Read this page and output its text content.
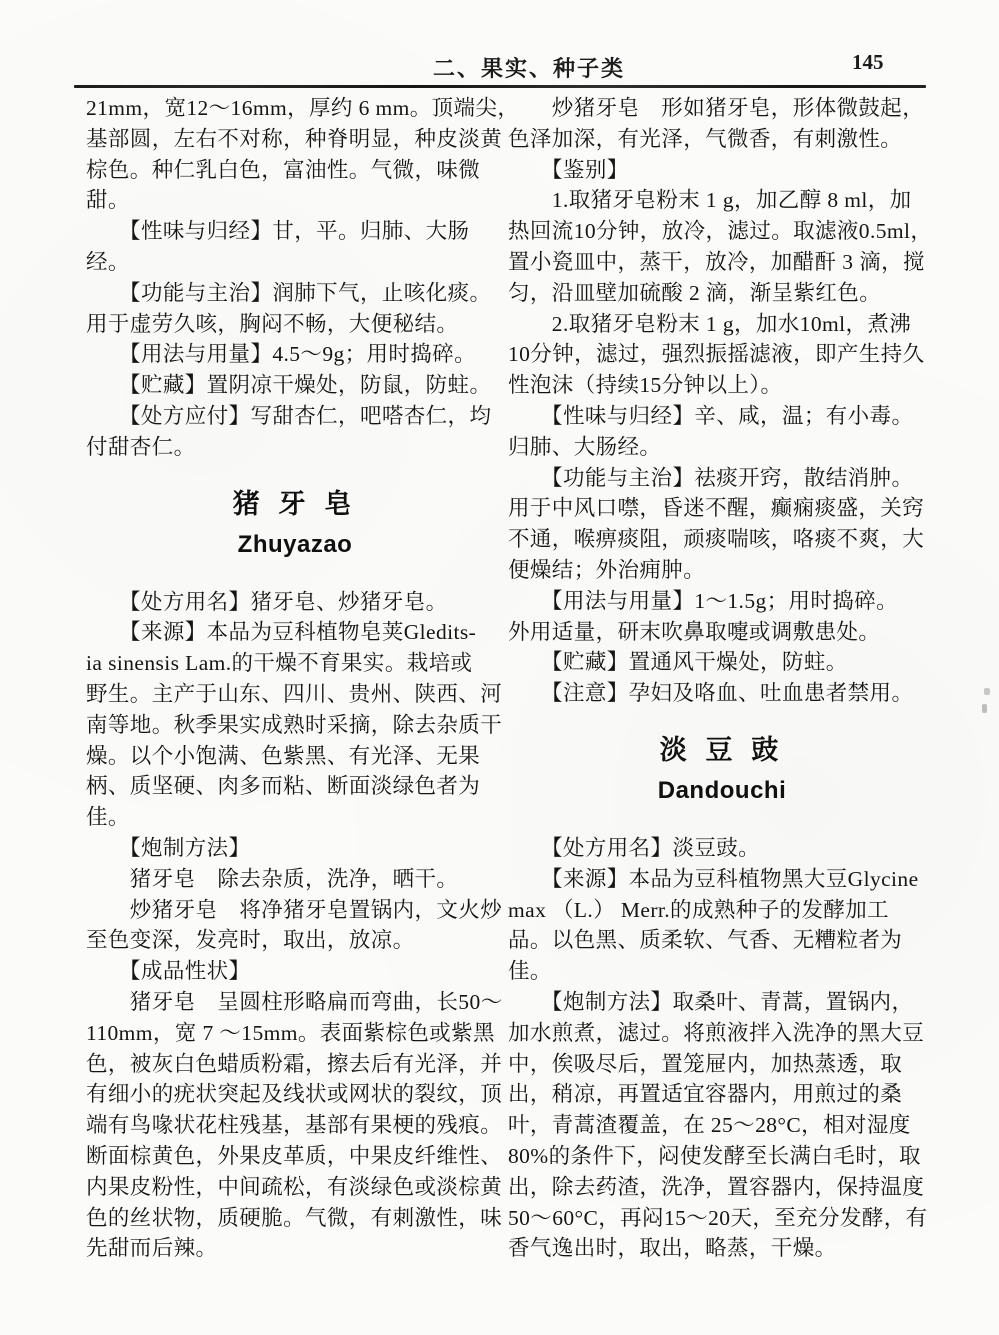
二、果实、种子类	145
21mm，宽12～16mm，厚约 6 mm。顶端尖，
基部圆，左右不对称，种脊明显，种皮淡黄
棕色。种仁乳白色，富油性。气微，味微
甜。
　　【性味与归经】甘，平。归肺、大肠
经。
　　【功能与主治】润肺下气，止咳化痰。
用于虚劳久咳，胸闷不畅，大便秘结。
　　【用法与用量】4.5～9g；用时捣碎。
　　【贮藏】置阴凉干燥处，防鼠，防蛀。
　　【处方应付】写甜杏仁，吧嗒杏仁，均
付甜杏仁。
猪 牙 皂
Zhuyazao
　　【处方用名】猪牙皂、炒猪牙皂。
　　【来源】本品为豆科植物皂荚Gledits-
ia sinensis Lam.的干燥不育果实。栽培或
野生。主产于山东、四川、贵州、陕西、河
南等地。秋季果实成熟时采摘，除去杂质干
燥。以个小饱满、色紫黑、有光泽、无果
柄、质坚硬、肉多而粘、断面淡绿色者为
佳。
　　【炮制方法】
　　猪牙皂　除去杂质，洗净，晒干。
　　炒猪牙皂　将净猪牙皂置锅内，文火炒
至色变深，发亮时，取出，放凉。
　　【成品性状】
　　猪牙皂　呈圆柱形略扁而弯曲，长50～
110mm，宽 7 ～15mm。表面紫棕色或紫黑
色，被灰白色蜡质粉霜，擦去后有光泽，并
有细小的疣状突起及线状或网状的裂纹，顶
端有鸟喙状花柱残基，基部有果梗的残痕。
断面棕黄色，外果皮革质，中果皮纤维性、
内果皮粉性，中间疏松，有淡绿色或淡棕黄
色的丝状物，质硬脆。气微，有刺激性，味
先甜而后辣。
　　炒猪牙皂　形如猪牙皂，形体微鼓起，
色泽加深，有光泽，气微香，有刺激性。
　　【鉴别】
　　1.取猪牙皂粉末 1 g，加乙醇 8 ml，加
热回流10分钟，放冷，滤过。取滤液0.5ml，
置小瓷皿中，蒸干，放冷，加醋酐 3 滴，搅
匀，沿皿壁加硫酸 2 滴，渐呈紫红色。
　　2.取猪牙皂粉末 1 g，加水10ml，煮沸
10分钟，滤过，强烈振摇滤液，即产生持久
性泡沫（持续15分钟以上）。
　　【性味与归经】辛、咸，温；有小毒。
归肺、大肠经。
　　【功能与主治】祛痰开窍，散结消肿。
用于中风口噤，昏迷不醒，癫痫痰盛，关窍
不通，喉痹痰阻，顽痰喘咳，咯痰不爽，大
便燥结；外治痈肿。
　　【用法与用量】1～1.5g；用时捣碎。
外用适量，研末吹鼻取嚏或调敷患处。
　　【贮藏】置通风干燥处，防蛀。
　　【注意】孕妇及咯血、吐血患者禁用。
淡 豆 豉
Dandouchi
　　【处方用名】淡豆豉。
　　【来源】本品为豆科植物黑大豆Glycine
max （L.） Merr.的成熟种子的发酵加工
品。以色黑、质柔软、气香、无糟粒者为
佳。
　　【炮制方法】取桑叶、青蒿，置锅内，
加水煎煮，滤过。将煎液拌入洗净的黑大豆
中，俟吸尽后，置笼屉内，加热蒸透，取
出，稍凉，再置适宜容器内，用煎过的桑
叶，青蒿渣覆盖，在 25～28°C，相对湿度
80%的条件下，闷使发酵至长满白毛时，取
出，除去药渣，洗净，置容器内，保持温度
50～60°C，再闷15～20天，至充分发酵，有
香气逸出时，取出，略蒸，干燥。
